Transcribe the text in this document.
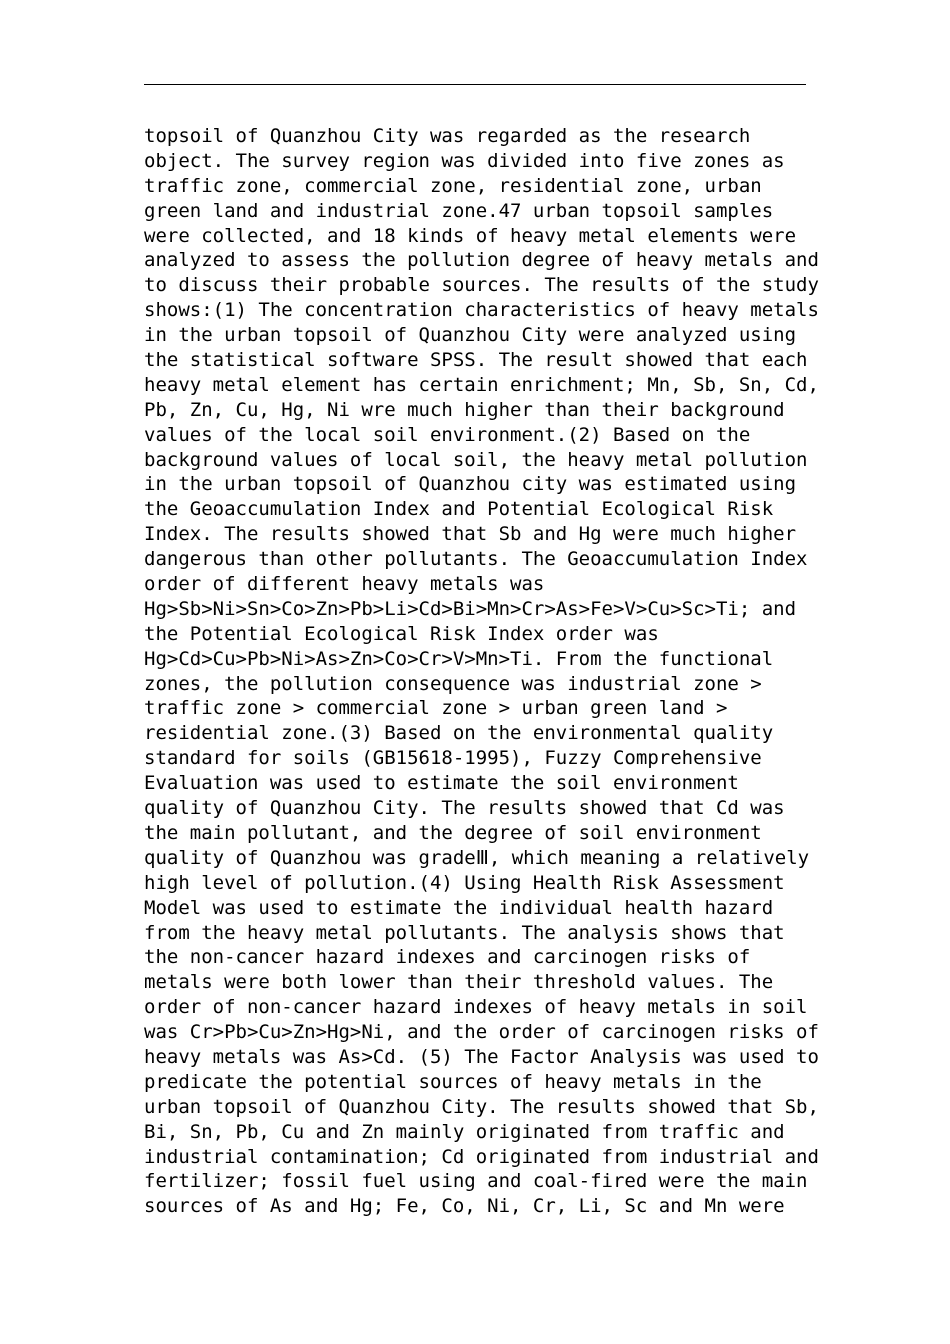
topsoil of Quanzhou City was regarded as the research
object. The survey region was divided into five zones as
traffic zone, commercial zone, residential zone, urban
green land and industrial zone.47 urban topsoil samples
were collected, and 18 kinds of heavy metal elements were
analyzed to assess the pollution degree of heavy metals and
to discuss their probable sources. The results of the study
shows:(1) The concentration characteristics of heavy metals
in the urban topsoil of Quanzhou City were analyzed using
the statistical software SPSS. The result showed that each
heavy metal element has certain enrichment; Mn, Sb, Sn, Cd,
Pb, Zn, Cu, Hg, Ni wre much higher than their background
values of the local soil environment.(2) Based on the
background values of local soil, the heavy metal pollution
in the urban topsoil of Quanzhou city was estimated using
the Geoaccumulation Index and Potential Ecological Risk
Index. The results showed that Sb and Hg were much higher
dangerous than other pollutants. The Geoaccumulation Index
order of different heavy metals was
Hg>Sb>Ni>Sn>Co>Zn>Pb>Li>Cd>Bi>Mn>Cr>As>Fe>V>Cu>Sc>Ti; and
the Potential Ecological Risk Index order was
Hg>Cd>Cu>Pb>Ni>As>Zn>Co>Cr>V>Mn>Ti. From the functional
zones, the pollution consequence was industrial zone >
traffic zone > commercial zone > urban green land >
residential zone.(3) Based on the environmental quality
standard for soils (GB15618-1995), Fuzzy Comprehensive
Evaluation was used to estimate the soil environment
quality of Quanzhou City. The results showed that Cd was
the main pollutant, and the degree of soil environment
quality of Quanzhou was gradeⅢ, which meaning a relatively
high level of pollution.(4) Using Health Risk Assessment
Model was used to estimate the individual health hazard
from the heavy metal pollutants. The analysis shows that
the non-cancer hazard indexes and carcinogen risks of
metals were both lower than their threshold values. The
order of non-cancer hazard indexes of heavy metals in soil
was Cr>Pb>Cu>Zn>Hg>Ni, and the order of carcinogen risks of
heavy metals was As>Cd. (5) The Factor Analysis was used to
predicate the potential sources of heavy metals in the
urban topsoil of Quanzhou City. The results showed that Sb,
Bi, Sn, Pb, Cu and Zn mainly originated from traffic and
industrial contamination; Cd originated from industrial and
fertilizer; fossil fuel using and coal-fired were the main
sources of As and Hg; Fe, Co, Ni, Cr, Li, Sc and Mn were
